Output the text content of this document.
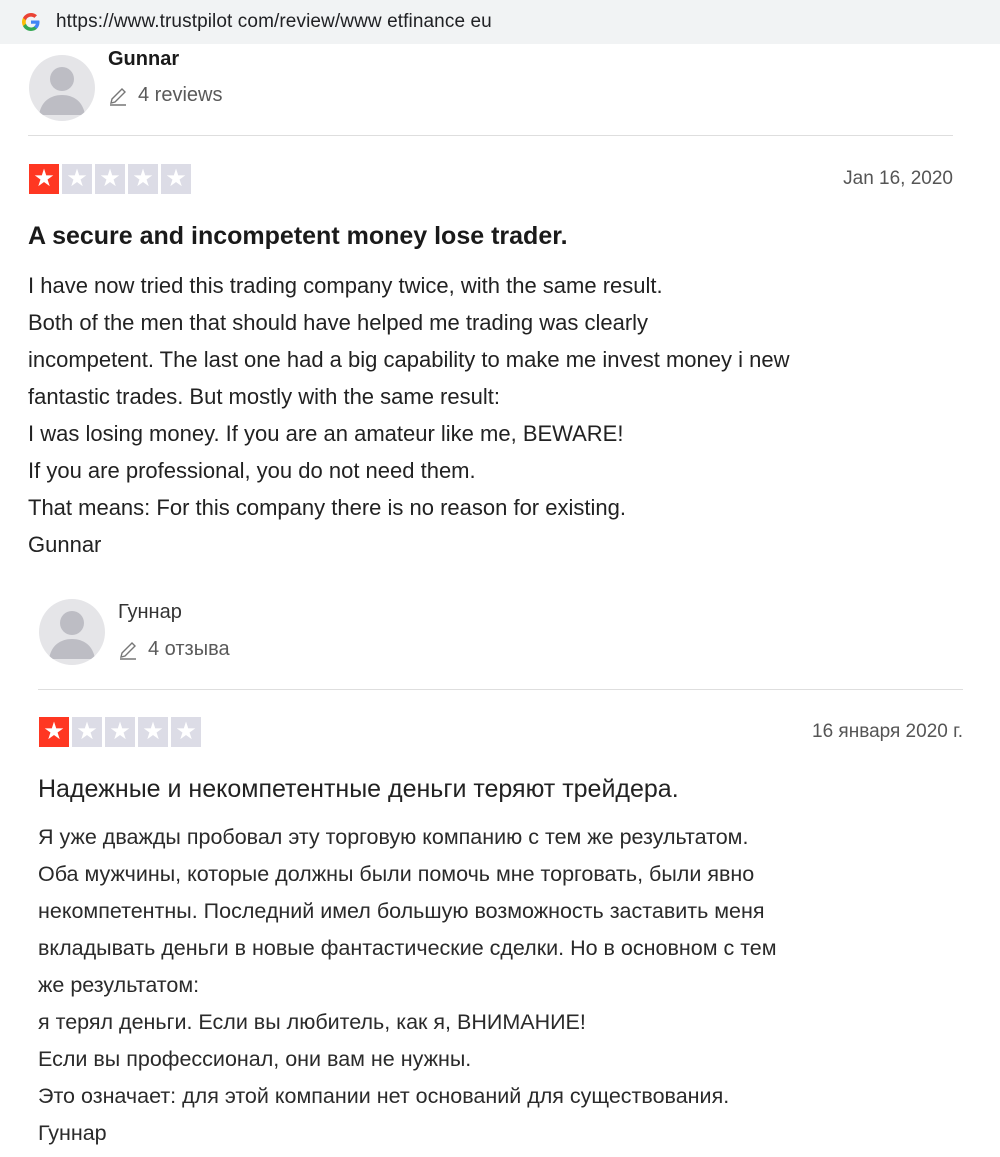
https://www.trustpilot com/review/www etfinance eu
Gunnar
4 reviews
★ ★ ★ ★ ★	Jan 16, 2020
A secure and incompetent money lose trader.
I have now tried this trading company twice, with the same result.
Both of the men that should have helped me trading was clearly
incompetent. The last one had a big capability to make me invest money i new
fantastic trades. But mostly with the same result:
I was losing money. If you are an amateur like me, BEWARE!
If you are professional, you do not need them.
That means: For this company there is no reason for existing.
Gunnar
Гуннар
4 отзыва
★ ★ ★ ★ ★	16 января 2020 г.
Надежные и некомпетентные деньги теряют трейдера.
Я уже дважды пробовал эту торговую компанию с тем же результатом.
Оба мужчины, которые должны были помочь мне торговать, были явно
некомпетентны. Последний имел большую возможность заставить меня
вкладывать деньги в новые фантастические сделки. Но в основном с тем
же результатом:
я терял деньги. Если вы любитель, как я, ВНИМАНИЕ!
Если вы профессионал, они вам не нужны.
Это означает: для этой компании нет оснований для существования.
Гуннар
